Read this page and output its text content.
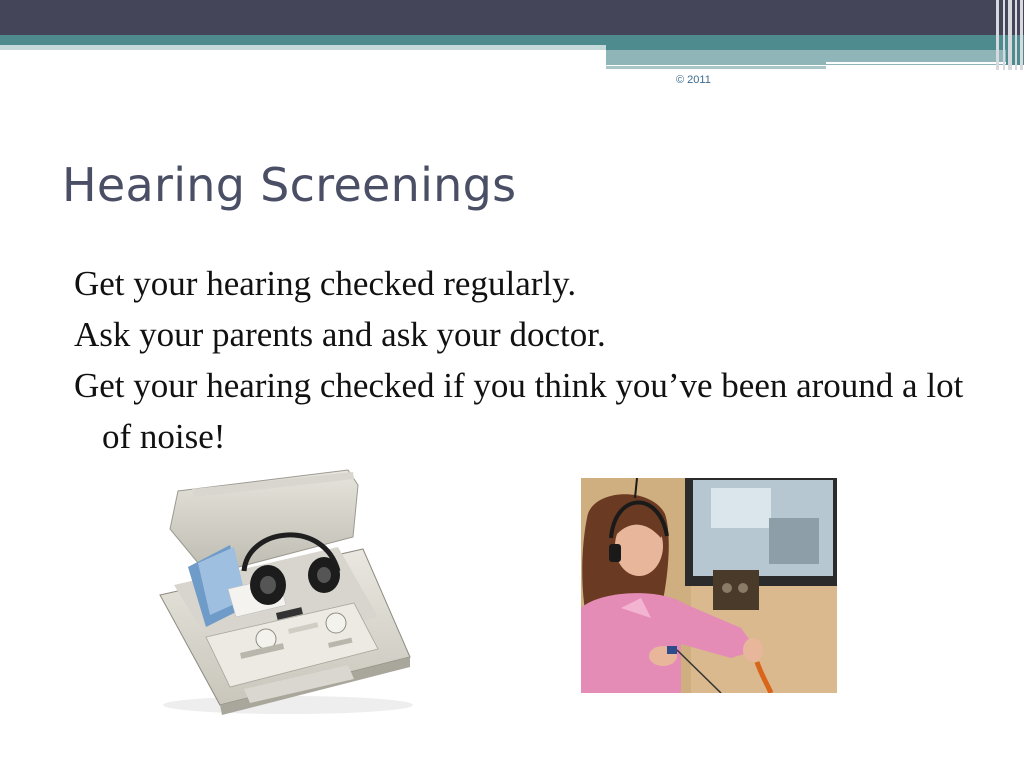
© 2011
Hearing Screenings
Get your hearing checked regularly.
Ask your parents and ask your doctor.
Get your hearing checked if you think you’ve been around a lot of noise!
